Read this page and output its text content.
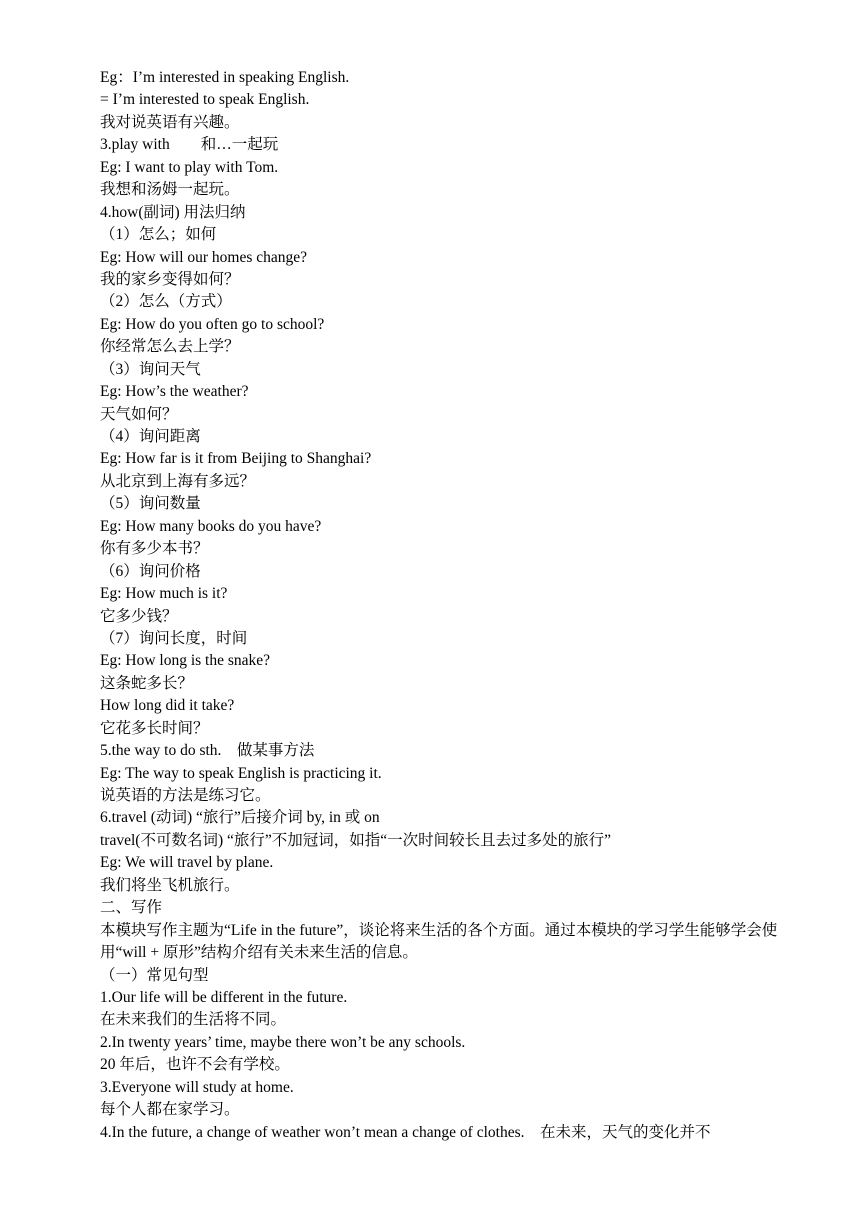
Eg：I’m interested in speaking English.
= I’m interested to speak English.
我对说英语有兴趣。
3.play with　　和…一起玩
Eg: I want to play with Tom.
我想和汤姆一起玩。
4.how(副词) 用法归纳
（1）怎么；如何
Eg: How will our homes change?
我的家乡变得如何？
（2）怎么（方式）
Eg: How do you often go to school?
你经常怎么去上学？
（3）询问天气
Eg: How’s the weather?
天气如何？
（4）询问距离
Eg: How far is it from Beijing to Shanghai?
从北京到上海有多远？
（5）询问数量
Eg: How many books do you have?
你有多少本书？
（6）询问价格
Eg: How much is it?
它多少钱？
（7）询问长度，时间
Eg: How long is the snake?
这条蛇多长？
How long did it take?
它花多长时间？
5.the way to do sth.　做某事方法
Eg: The way to speak English is practicing it.
说英语的方法是练习它。
6.travel (动词) “旅行”后接介词 by, in 或 on
travel(不可数名词) “旅行”不加冠词，如指“一次时间较长且去过多处的旅行”
Eg: We will travel by plane.
我们将坐飞机旅行。
二、写作
本模块写作主题为“Life in the future”，谈论将来生活的各个方面。通过本模块的学习学生能够学会使用“will + 原形”结构介绍有关未来生活的信息。
（一）常见句型
1.Our life will be different in the future.
在未来我们的生活将不同。
2.In twenty years’ time, maybe there won’t be any schools.
20 年后，也许不会有学校。
3.Everyone will study at home.
每个人都在家学习。
4.In the future, a change of weather won’t mean a change of clothes.　在未来，天气的变化并不
